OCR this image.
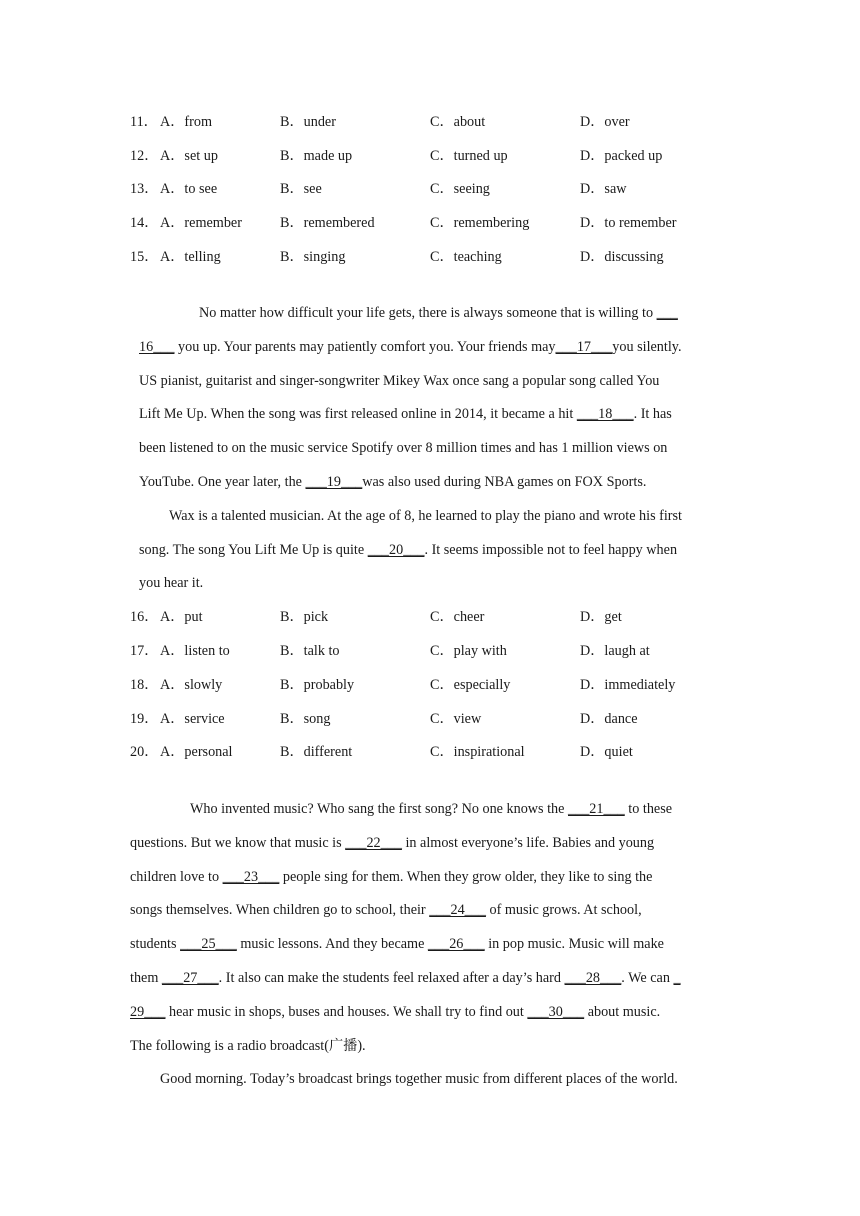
11． A．from	B．under	C．about	D．over
12． A．set up	B．made up	C．turned up	D．packed up
13． A．to see	B．see	C．seeing	D．saw
14． A．remember	B．remembered	C．remembering	D．to remember
15． A．telling	B．singing	C．teaching	D．discussing
No matter how difficult your life gets, there is always someone that is willing to ___
16___ you up. Your parents may patiently comfort you. Your friends may___17___you silently.
US pianist, guitarist and singer-songwriter Mikey Wax once sang a popular song called You
Lift Me Up. When the song was first released online in 2014, it became a hit ___18___. It has
been listened to on the music service Spotify over 8 million times and has 1 million views on
YouTube. One year later, the ___19___was also used during NBA games on FOX Sports.
Wax is a talented musician. At the age of 8, he learned to play the piano and wrote his first
song. The song You Lift Me Up is quite ___20___. It seems impossible not to feel happy when
you hear it.
16． A．put	B．pick	C．cheer	D．get
17． A．listen to	B．talk to	C．play with	D．laugh at
18． A．slowly	B．probably	C．especially	D．immediately
19． A．service	B．song	C．view	D．dance
20． A．personal	B．different	C．inspirational	D．quiet
Who invented music? Who sang the first song? No one knows the ___21___ to these
questions. But we know that music is ___22___ in almost everyone’s life. Babies and young
children love to ___23___ people sing for them. When they grow older, they like to sing the
songs themselves. When children go to school, their ___24___ of music grows. At school,
students ___25___ music lessons. And they became ___26___ in pop music. Music will make
them ___27___. It also can make the students feel relaxed after a day’s hard ___28___. We can _
29___ hear music in shops, buses and houses. We shall try to find out ___30___ about music.
The following is a radio broadcast(广播).
Good morning. Today’s broadcast brings together music from different places of the world.
